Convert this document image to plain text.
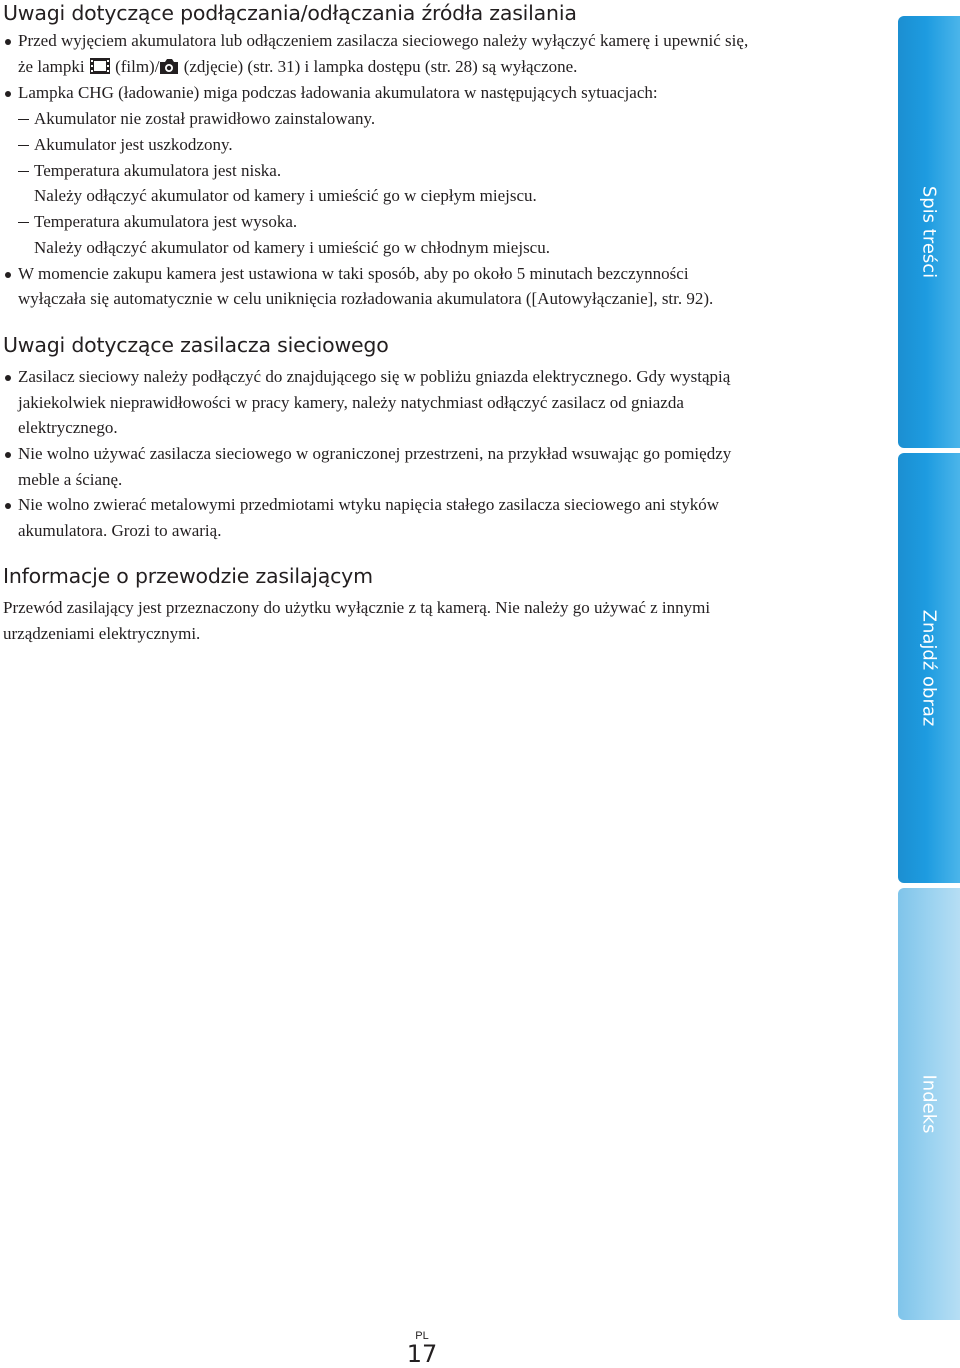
Uwagi dotyczące podłączania/odłączania źródła zasilania
Przed wyjęciem akumulatora lub odłączeniem zasilacza sieciowego należy wyłączyć kamerę i upewnić się,
że lampki  (film)/ (zdjęcie) (str. 31) i lampka dostępu (str. 28) są wyłączone.
Lampka CHG (ładowanie) miga podczas ładowania akumulatora w następujących sytuacjach:
Akumulator nie został prawidłowo zainstalowany.
Akumulator jest uszkodzony.
Temperatura akumulatora jest niska.
Należy odłączyć akumulator od kamery i umieścić go w ciepłym miejscu.
Temperatura akumulatora jest wysoka.
Należy odłączyć akumulator od kamery i umieścić go w chłodnym miejscu.
W momencie zakupu kamera jest ustawiona w taki sposób, aby po około 5 minutach bezczynności
wyłączała się automatycznie w celu uniknięcia rozładowania akumulatora ([Autowyłączanie], str. 92).
Uwagi dotyczące zasilacza sieciowego
Zasilacz sieciowy należy podłączyć do znajdującego się w pobliżu gniazda elektrycznego. Gdy wystąpią
jakiekolwiek nieprawidłowości w pracy kamery, należy natychmiast odłączyć zasilacz od gniazda
elektrycznego.
Nie wolno używać zasilacza sieciowego w ograniczonej przestrzeni, na przykład wsuwając go pomiędzy
meble a ścianę.
Nie wolno zwierać metalowymi przedmiotami wtyku napięcia stałego zasilacza sieciowego ani styków
akumulatora. Grozi to awarią.
Informacje o przewodzie zasilającym
Przewód zasilający jest przeznaczony do użytku wyłącznie z tą kamerą. Nie należy go używać z innymi
urządzeniami elektrycznymi.
Spis treści
Znajdź obraz
Indeks
PL
17
